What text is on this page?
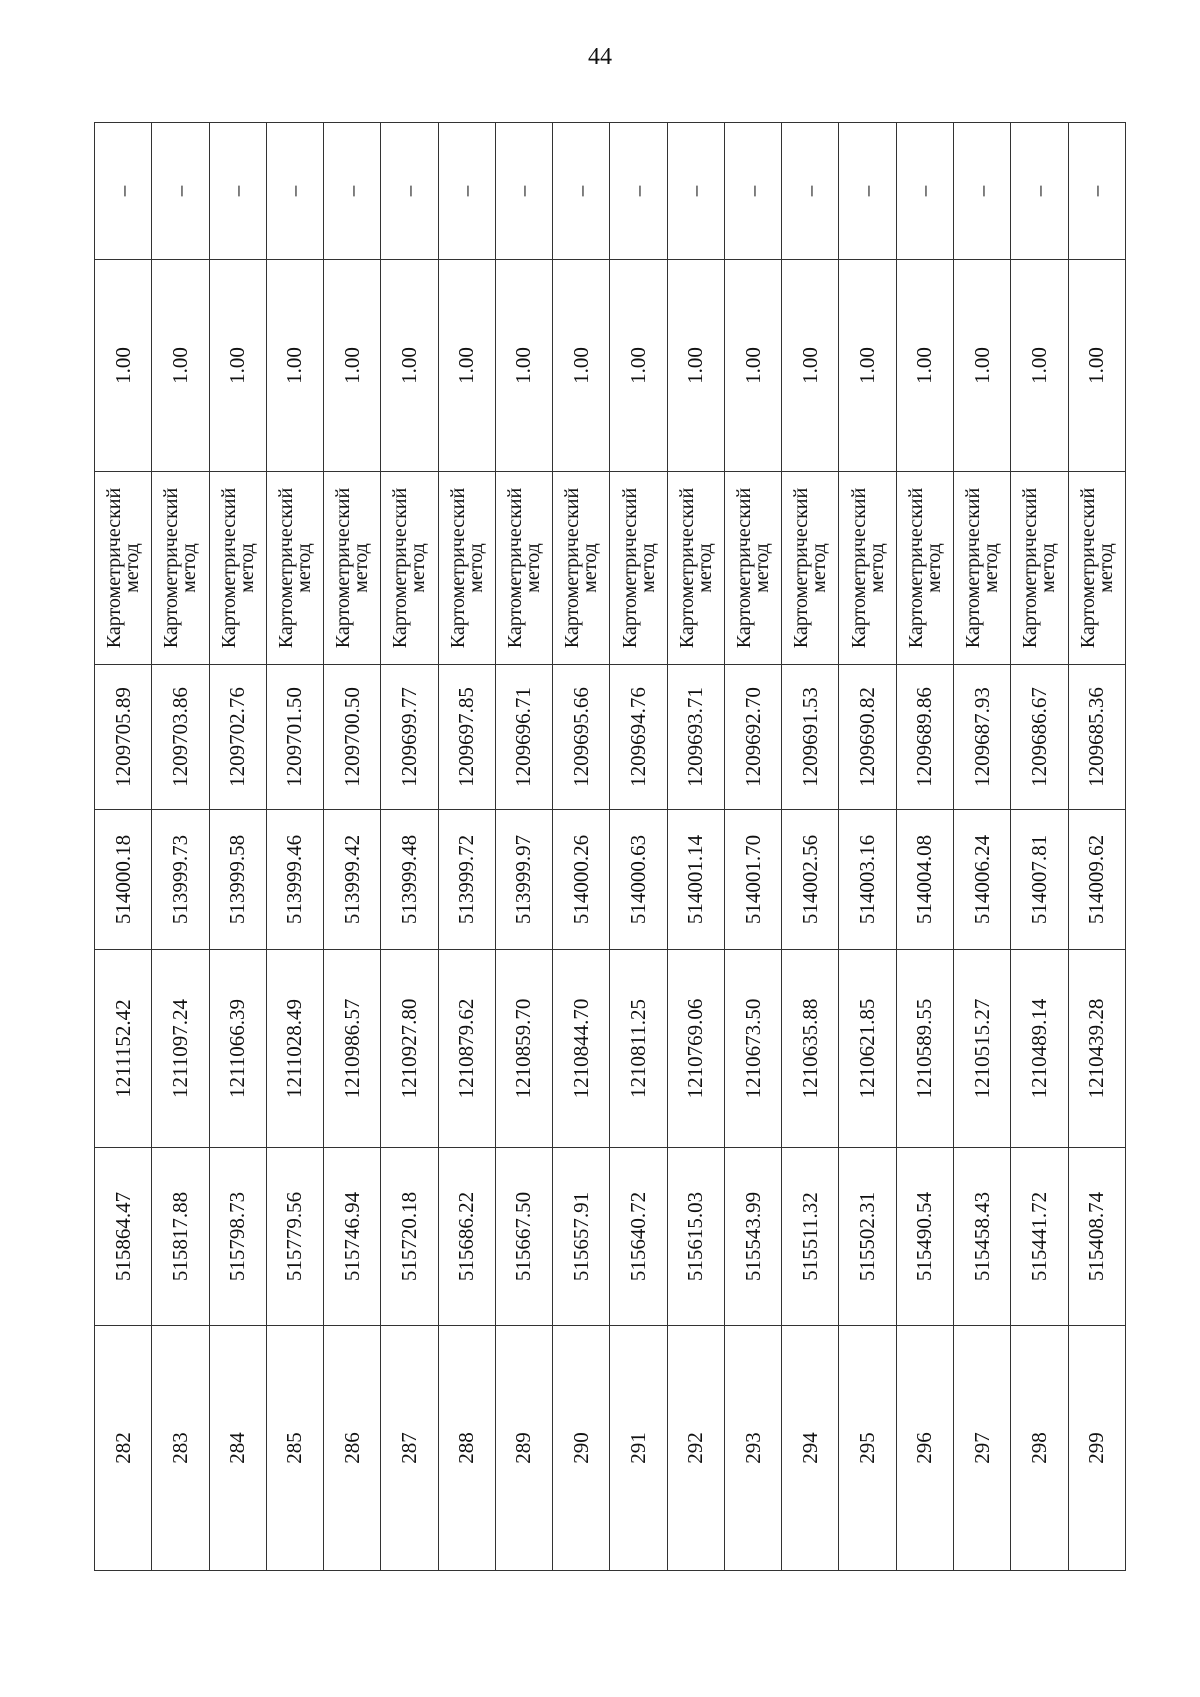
44
282	515864.47	1211152.42	514000.18	1209705.89	Картометрический метод	1.00	–
283	515817.88	1211097.24	513999.73	1209703.86	Картометрический метод	1.00	–
284	515798.73	1211066.39	513999.58	1209702.76	Картометрический метод	1.00	–
285	515779.56	1211028.49	513999.46	1209701.50	Картометрический метод	1.00	–
286	515746.94	1210986.57	513999.42	1209700.50	Картометрический метод	1.00	–
287	515720.18	1210927.80	513999.48	1209699.77	Картометрический метод	1.00	–
288	515686.22	1210879.62	513999.72	1209697.85	Картометрический метод	1.00	–
289	515667.50	1210859.70	513999.97	1209696.71	Картометрический метод	1.00	–
290	515657.91	1210844.70	514000.26	1209695.66	Картометрический метод	1.00	–
291	515640.72	1210811.25	514000.63	1209694.76	Картометрический метод	1.00	–
292	515615.03	1210769.06	514001.14	1209693.71	Картометрический метод	1.00	–
293	515543.99	1210673.50	514001.70	1209692.70	Картометрический метод	1.00	–
294	515511.32	1210635.88	514002.56	1209691.53	Картометрический метод	1.00	–
295	515502.31	1210621.85	514003.16	1209690.82	Картометрический метод	1.00	–
296	515490.54	1210589.55	514004.08	1209689.86	Картометрический метод	1.00	–
297	515458.43	1210515.27	514006.24	1209687.93	Картометрический метод	1.00	–
298	515441.72	1210489.14	514007.81	1209686.67	Картометрический метод	1.00	–
299	515408.74	1210439.28	514009.62	1209685.36	Картометрический метод	1.00	–
